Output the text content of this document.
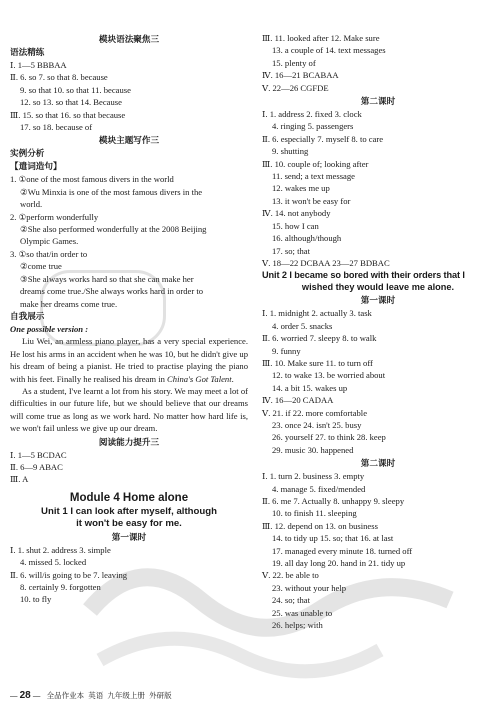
模块语法聚焦三
语法精练
Ⅰ. 1—5 BBBAA
Ⅱ. 6. so 7. so that 8. because
9. so that 10. so that 11. because
12. so 13. so that 14. Because
Ⅲ. 15. so that 16. so that because
17. so 18. because of
模块主题写作三
实例分析
【遣词造句】
1. ①one of the most famous divers in the world
②Wu Minxia is one of the most famous divers in the
world.
2. ①perform wonderfully
②She also performed wonderfully at the 2008 Beijing
Olympic Games.
3. ①so that/in order to
②come true
③She always works hard so that she can make her
dreams come true./She always works hard in order to
make her dreams come true.
自我展示
One possible version :
Liu Wei, an armless piano player, has a very special experience. He lost his arms in an accident when he was 10, but he didn't give up his dream of being a pianist. He tried to practise playing the piano with his feet. Finally he realised his dream in China's Got Talent.
As a student, I've learnt a lot from his story. We may meet a lot of difficulties in our future life, but we should believe that our dreams will come true as long as we work hard. No matter how hard life is, we won't fail unless we give up our dream.
阅读能力提升三
Ⅰ. 1—5 BCDAC
Ⅱ. 6—9 ABAC
Ⅲ. A
Module 4 Home alone
Unit 1 I can look after myself, although
it won't be easy for me.
第一课时
Ⅰ. 1. shut 2. address 3. simple
4. missed 5. locked
Ⅱ. 6. will/is going to be 7. leaving
8. certainly 9. forgotten
10. to fly
Ⅲ. 11. looked after 12. Make sure
13. a couple of 14. text messages
15. plenty of
Ⅳ. 16—21 BCABAA
Ⅴ. 22—26 CGFDE
第二课时
Ⅰ. 1. address 2. fixed 3. clock
4. ringing 5. passengers
Ⅱ. 6. especially 7. myself 8. to care
9. shutting
Ⅲ. 10. couple of; looking after
11. send; a text message
12. wakes me up
13. it won't be easy for
Ⅳ. 14. not anybody
15. how I can
16. although/though
17. so; that
Ⅴ. 18—22 DCBAA 23—27 BDBAC
Unit 2 I became so bored with their orders that I
wished they would leave me alone.
第一课时
Ⅰ. 1. midnight 2. actually 3. task
4. order 5. snacks
Ⅱ. 6. worried 7. sleepy 8. to walk
9. funny
Ⅲ. 10. Make sure 11. to turn off
12. to wake 13. be worried about
14. a bit 15. wakes up
Ⅳ. 16—20 CADAA
Ⅴ. 21. if 22. more comfortable
23. once 24. isn't 25. busy
26. yourself 27. to think 28. keep
29. music 30. happened
第二课时
Ⅰ. 1. turn 2. business 3. empty
4. manage 5. fixed/mended
Ⅱ. 6. me 7. Actually 8. unhappy 9. sleepy
10. to finish 11. sleeping
Ⅲ. 12. depend on 13. on business
14. to tidy up 15. so; that 16. at last
17. managed every minute 18. turned off
19. all day long 20. hand in 21. tidy up
Ⅴ. 22. be able to
23. without your help
24. so; that
25. was unable to
26. helps; with
— 28 — 全品作业本 英语 九年级上册 外研版
